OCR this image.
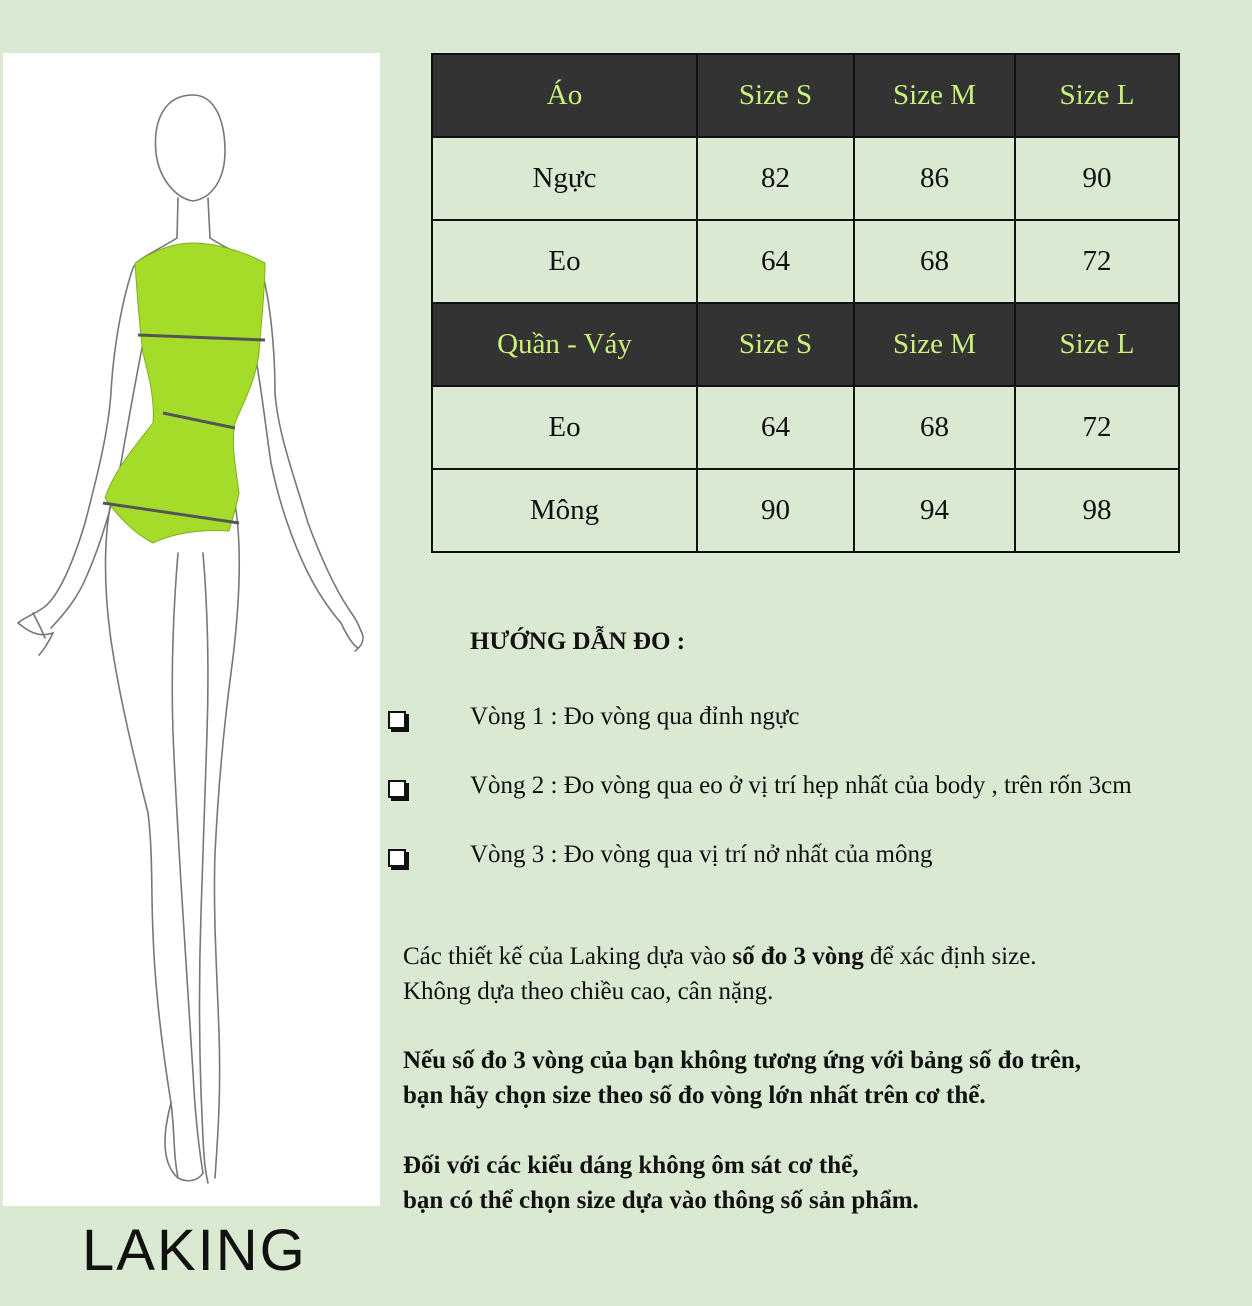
LAKING
Áo	Size S	Size M	Size L
Ngực	82	86	90
Eo	64	68	72
Quần - Váy	Size S	Size M	Size L
Eo	64	68	72
Mông	90	94	98
HƯỚNG DẪN ĐO :
Vòng 1 : Đo vòng qua đỉnh ngực
Vòng 2 : Đo vòng qua eo ở vị trí hẹp nhất của body , trên rốn 3cm
Vòng 3 : Đo vòng qua vị trí nở nhất của mông
Các thiết kế của Laking dựa vào số đo 3 vòng để xác định size.
Không dựa theo chiều cao, cân nặng.
Nếu số đo 3 vòng của bạn không tương ứng với bảng số đo trên,
bạn hãy chọn size theo số đo vòng lớn nhất trên cơ thể.
Đối với các kiểu dáng không ôm sát cơ thể,
bạn có thể chọn size dựa vào thông số sản phẩm.
